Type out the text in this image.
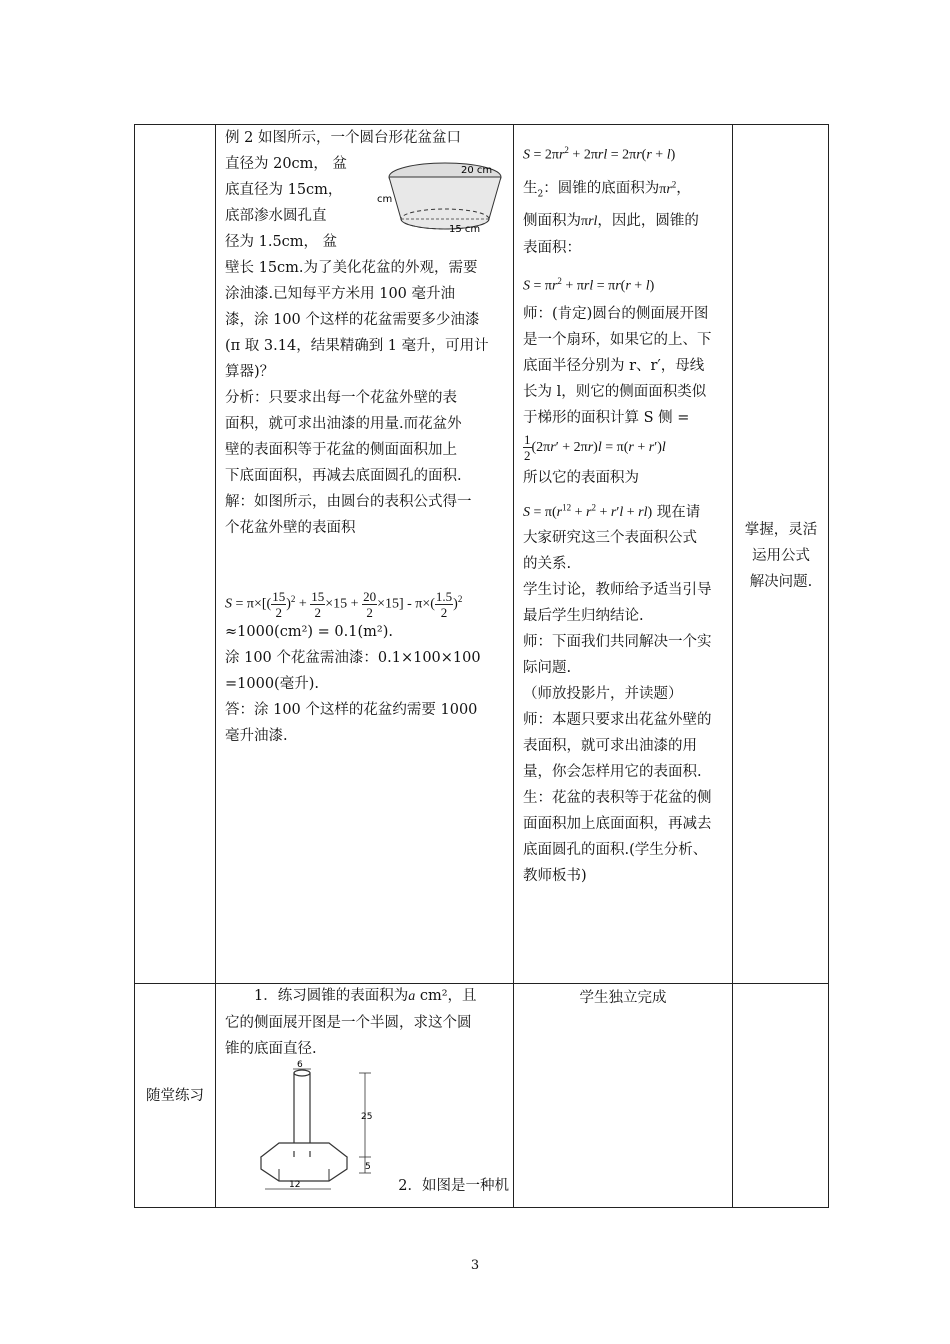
例 2 如图所示，一个圆台形花盆盆口
直径为 20cm， 盆
底直径为 15cm，
底部渗水圆孔直
径为 1.5cm， 盆
壁长 15cm.为了美化花盆的外观，需要
涂油漆.已知每平方米用 100 毫升油
漆，涂 100 个这样的花盆需要多少油漆
(π 取 3.14，结果精确到 1 毫升，可用计
算器)？
分析：只要求出每一个花盆外壁的表
面积，就可求出油漆的用量.而花盆外
壁的表面积等于花盆的侧面面积加上
下底面面积，再减去底面圆孔的面积.
解：如图所示，由圆台的表积公式得一
个花盆外壁的表面积
$S = \pi\times[( \frac{15}{2} )^2 + \frac{15}{2} \times 15 + \frac{20}{2} \times 15] - \pi\times( \frac{1.5}{2} )^2$
≈1000(cm²) = 0.1(m²).
涂 100 个花盆需油漆：0.1×100×100
=1000(毫升).
答：涂 100 个这样的花盆约需要 1000
毫升油漆.
20 cm
cm
15 cm
$S = 2\pi r^2 + 2\pi rl = 2\pi r(r + l)$
生$_2$：圆锥的底面积为$\pi r^2$，
侧面积为πrl，因此，圆锥的
表面积：
$S = \pi r^2 + \pi rl = \pi r(r + l)$
师：(肯定)圆台的侧面展开图
是一个扇环，如果它的上、下
底面半径分别为 r、r′，母线
长为 l，则它的侧面面积类似
于梯形的面积计算 S 侧 =
$\frac{1}{2} (2\pi r' + 2\pi r)l = \pi(r + r')l$
所以它的表面积为
$S = \pi(r^{12} + r^2 + r'l + rl)$ 现在请
大家研究这三个表面积公式
的关系.
学生讨论，教师给予适当引导
最后学生归纳结论.
师：下面我们共同解决一个实
际问题.
（师放投影片，并读题）
师：本题只要求出花盆外壁的
表面积，就可求出油漆的用
量，你会怎样用它的表面积.
生：花盆的表积等于花盆的侧
面面积加上底面面积，再减去
底面圆孔的面积.(学生分析、
教师板书)
掌握，灵活
运用公式
解决问题.
随堂练习
1．练习圆锥的表面积为a cm²，且
它的侧面展开图是一个半圆，求这个圆
锥的底面直径.
6
25
5
12	2．如图是一种机
学生独立完成
3
